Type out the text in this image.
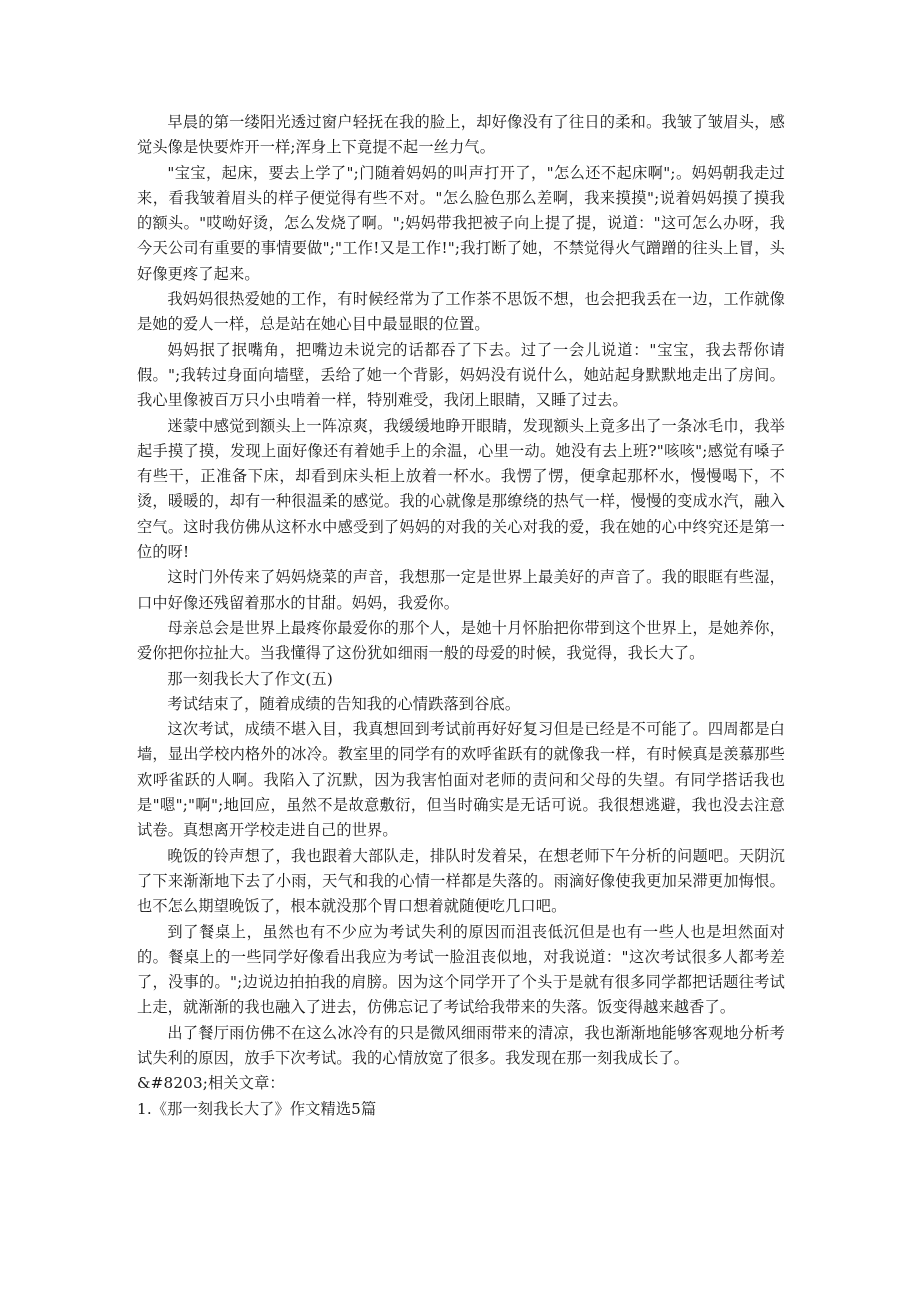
早晨的第一缕阳光透过窗户轻抚在我的脸上，却好像没有了往日的柔和。我皱了皱眉头，感觉头像是快要炸开一样;浑身上下竟提不起一丝力气。

"宝宝，起床，要去上学了";门随着妈妈的叫声打开了，"怎么还不起床啊";。妈妈朝我走过来，看我皱着眉头的样子便觉得有些不对。"怎么脸色那么差啊，我来摸摸";说着妈妈摸了摸我的额头。"哎呦好烫，怎么发烧了啊。";妈妈带我把被子向上提了提，说道："这可怎么办呀，我今天公司有重要的事情要做";"工作!又是工作!";我打断了她，不禁觉得火气蹭蹭的往头上冒，头好像更疼了起来。

我妈妈很热爱她的工作，有时候经常为了工作茶不思饭不想，也会把我丢在一边，工作就像是她的爱人一样，总是站在她心目中最显眼的位置。

妈妈抿了抿嘴角，把嘴边未说完的话都吞了下去。过了一会儿说道："宝宝，我去帮你请假。";我转过身面向墙壁，丢给了她一个背影，妈妈没有说什么，她站起身默默地走出了房间。我心里像被百万只小虫啃着一样，特别难受，我闭上眼睛，又睡了过去。

迷蒙中感觉到额头上一阵凉爽，我缓缓地睁开眼睛，发现额头上竟多出了一条冰毛巾，我举起手摸了摸，发现上面好像还有着她手上的余温，心里一动。她没有去上班?"咳咳";感觉有嗓子有些干，正准备下床，却看到床头柜上放着一杯水。我愣了愣，便拿起那杯水，慢慢喝下，不烫，暖暖的，却有一种很温柔的感觉。我的心就像是那缭绕的热气一样，慢慢的变成水汽，融入空气。这时我仿佛从这杯水中感受到了妈妈的对我的关心对我的爱，我在她的心中终究还是第一位的呀!

这时门外传来了妈妈烧菜的声音，我想那一定是世界上最美好的声音了。我的眼眶有些湿，口中好像还残留着那水的甘甜。妈妈，我爱你。

母亲总会是世界上最疼你最爱你的那个人，是她十月怀胎把你带到这个世界上，是她养你，爱你把你拉扯大。当我懂得了这份犹如细雨一般的母爱的时候，我觉得，我长大了。

那一刻我长大了作文(五)

考试结束了，随着成绩的告知我的心情跌落到谷底。

这次考试，成绩不堪入目，我真想回到考试前再好好复习但是已经是不可能了。四周都是白墙，显出学校内格外的冰冷。教室里的同学有的欢呼雀跃有的就像我一样，有时候真是羡慕那些欢呼雀跃的人啊。我陷入了沉默，因为我害怕面对老师的责问和父母的失望。有同学搭话我也是"嗯";"啊";地回应，虽然不是故意敷衍，但当时确实是无话可说。我很想逃避，我也没去注意试卷。真想离开学校走进自己的世界。

晚饭的铃声想了，我也跟着大部队走，排队时发着呆，在想老师下午分析的问题吧。天阴沉了下来渐渐地下去了小雨，天气和我的心情一样都是失落的。雨滴好像使我更加呆滞更加悔恨。也不怎么期望晚饭了，根本就没那个胃口想着就随便吃几口吧。

到了餐桌上，虽然也有不少应为考试失利的原因而沮丧低沉但是也有一些人也是坦然面对的。餐桌上的一些同学好像看出我应为考试一脸沮丧似地，对我说道："这次考试很多人都考差了，没事的。";边说边拍拍我的肩膀。因为这个同学开了个头于是就有很多同学都把话题往考试上走，就渐渐的我也融入了进去，仿佛忘记了考试给我带来的失落。饭变得越来越香了。

出了餐厅雨仿佛不在这么冰冷有的只是微风细雨带来的清凉，我也渐渐地能够客观地分析考试失利的原因，放手下次考试。我的心情放宽了很多。我发现在那一刻我成长了。

&#8203;相关文章：

1.《那一刻我长大了》作文精选5篇
